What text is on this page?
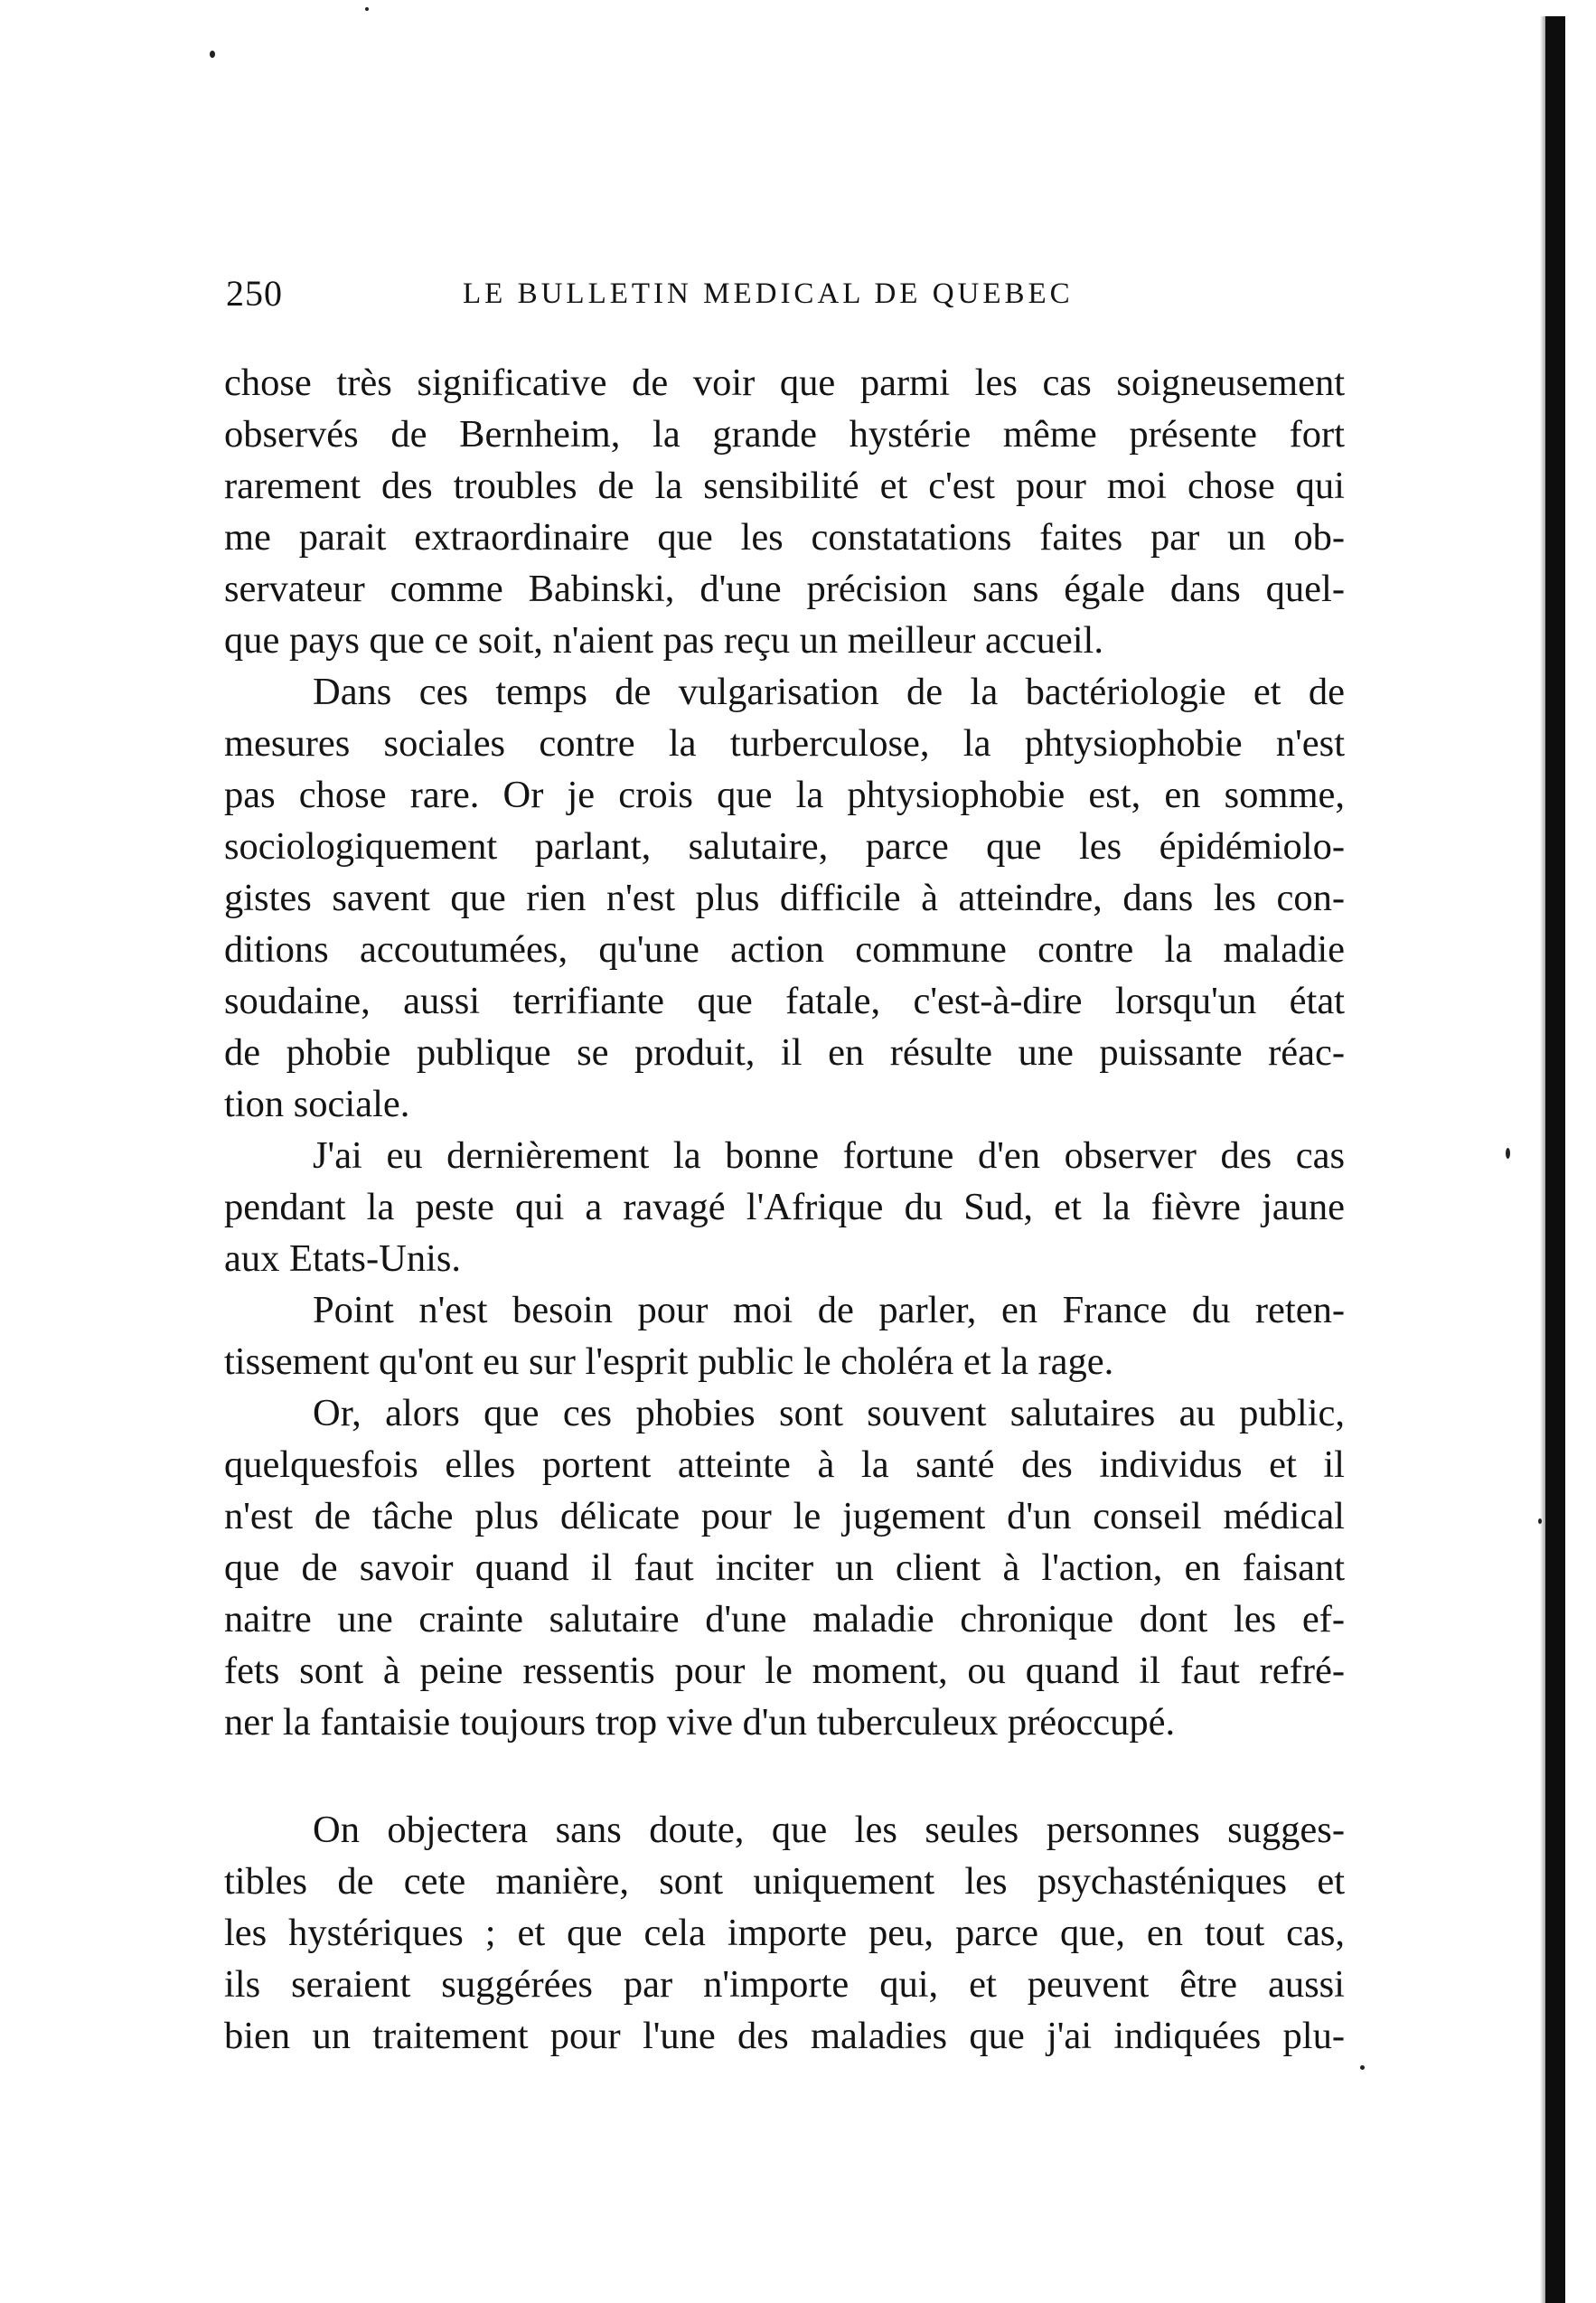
250	LE BULLETIN MEDICAL DE QUEBEC
chose très significative de voir que parmi les cas soigneusement
observés de Bernheim, la grande hystérie même présente fort
rarement des troubles de la sensibilité et c'est pour moi chose qui
me parait extraordinaire que les constatations faites par un ob-
servateur comme Babinski, d'une précision sans égale dans quel-
que pays que ce soit, n'aient pas reçu un meilleur accueil.
Dans ces temps de vulgarisation de la bactériologie et de
mesures sociales contre la turberculose, la phtysiophobie n'est
pas chose rare. Or je crois que la phtysiophobie est, en somme,
sociologiquement parlant, salutaire, parce que les épidémiolo-
gistes savent que rien n'est plus difficile à atteindre, dans les con-
ditions accoutumées, qu'une action commune contre la maladie
soudaine, aussi terrifiante que fatale, c'est-à-dire lorsqu'un état
de phobie publique se produit, il en résulte une puissante réac-
tion sociale.
J'ai eu dernièrement la bonne fortune d'en observer des cas
pendant la peste qui a ravagé l'Afrique du Sud, et la fièvre jaune
aux Etats-Unis.
Point n'est besoin pour moi de parler, en France du reten-
tissement qu'ont eu sur l'esprit public le choléra et la rage.
Or, alors que ces phobies sont souvent salutaires au public,
quelquesfois elles portent atteinte à la santé des individus et il
n'est de tâche plus délicate pour le jugement d'un conseil médical
que de savoir quand il faut inciter un client à l'action, en faisant
naitre une crainte salutaire d'une maladie chronique dont les ef-
fets sont à peine ressentis pour le moment, ou quand il faut refré-
ner la fantaisie toujours trop vive d'un tuberculeux préoccupé.
On objectera sans doute, que les seules personnes sugges-
tibles de cete manière, sont uniquement les psychasténiques et
les hystériques ; et que cela importe peu, parce que, en tout cas,
ils seraient suggérées par n'importe qui, et peuvent être aussi
bien un traitement pour l'une des maladies que j'ai indiquées plu-
